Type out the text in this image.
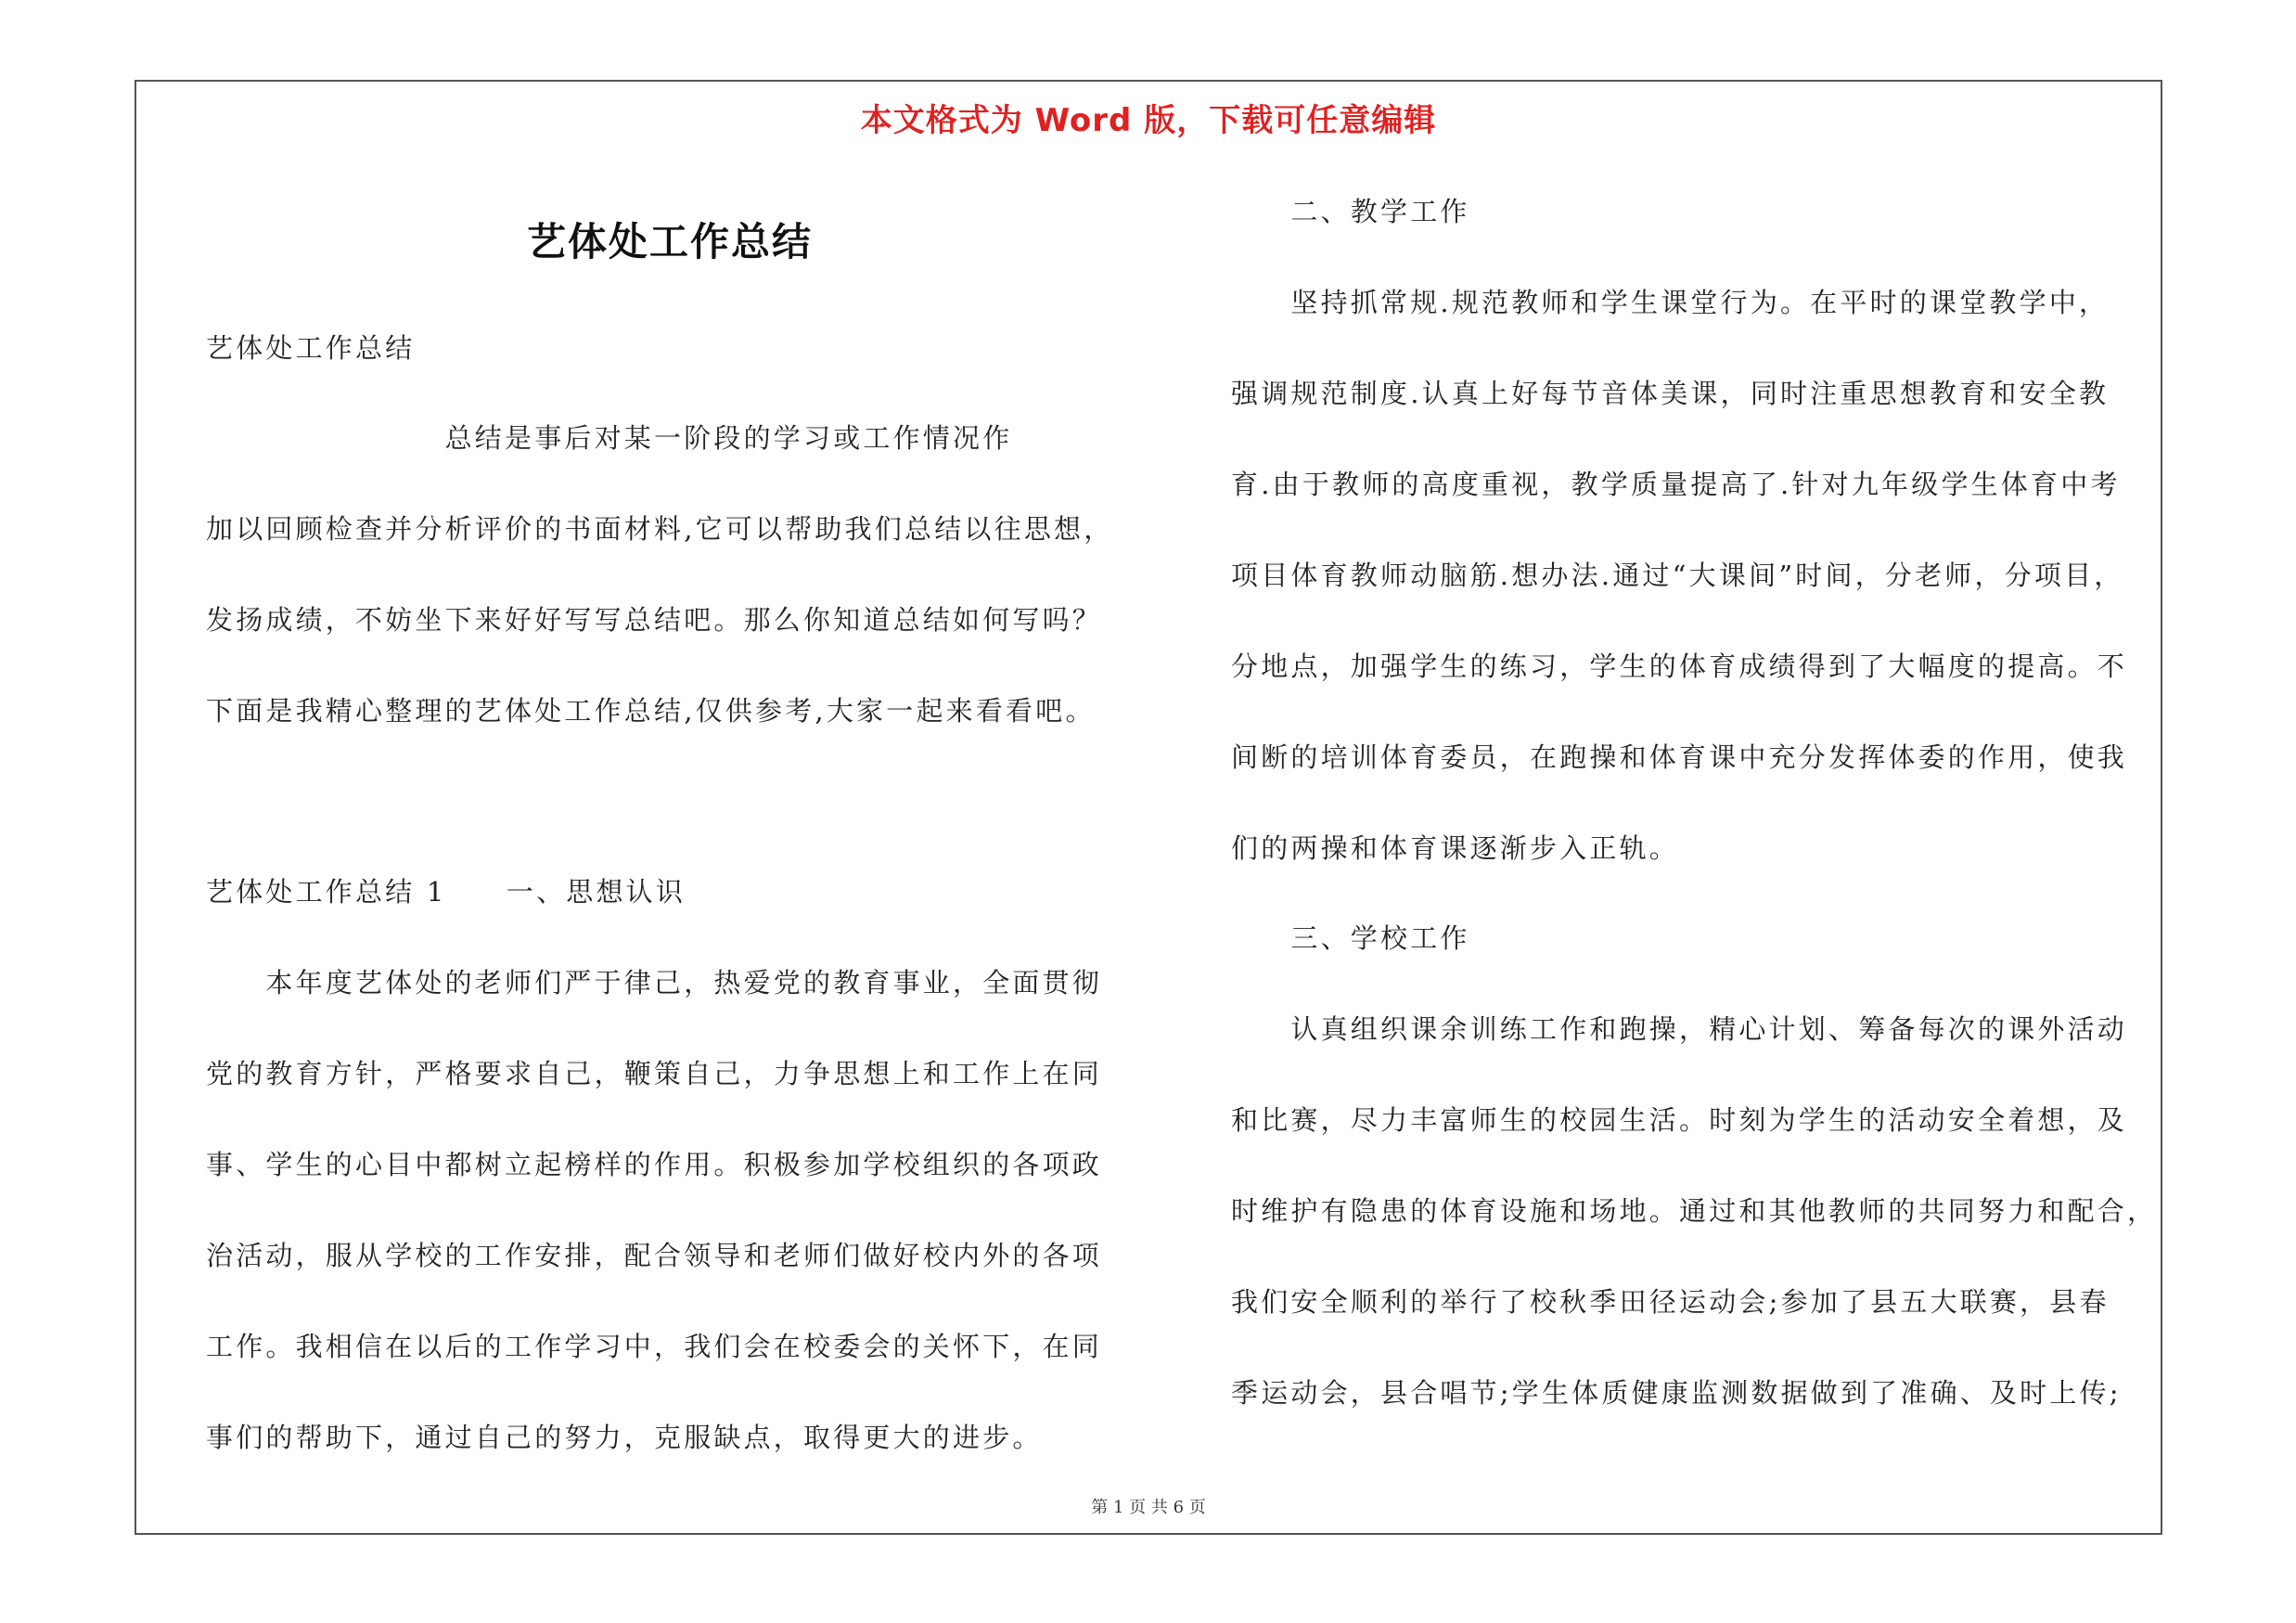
本文格式为 Word 版，下载可任意编辑
艺体处工作总结
艺体处工作总结
　　　　　　　　总结是事后对某一阶段的学习或工作情况作
加以回顾检查并分析评价的书面材料,它可以帮助我们总结以往思想，
发扬成绩，不妨坐下来好好写写总结吧。那么你知道总结如何写吗？
下面是我精心整理的艺体处工作总结,仅供参考,大家一起来看看吧。
艺体处工作总结 1　　一、思想认识
　　本年度艺体处的老师们严于律己，热爱党的教育事业，全面贯彻
党的教育方针，严格要求自己，鞭策自己，力争思想上和工作上在同
事、学生的心目中都树立起榜样的作用。积极参加学校组织的各项政
治活动，服从学校的工作安排，配合领导和老师们做好校内外的各项
工作。我相信在以后的工作学习中，我们会在校委会的关怀下，在同
事们的帮助下，通过自己的努力，克服缺点，取得更大的进步。
　　二、教学工作
　　坚持抓常规.规范教师和学生课堂行为。在平时的课堂教学中，
强调规范制度.认真上好每节音体美课，同时注重思想教育和安全教
育.由于教师的高度重视，教学质量提高了.针对九年级学生体育中考
项目体育教师动脑筋.想办法.通过“大课间”时间，分老师，分项目，
分地点，加强学生的练习，学生的体育成绩得到了大幅度的提高。不
间断的培训体育委员，在跑操和体育课中充分发挥体委的作用，使我
们的两操和体育课逐渐步入正轨。
　　三、学校工作
　　认真组织课余训练工作和跑操，精心计划、筹备每次的课外活动
和比赛，尽力丰富师生的校园生活。时刻为学生的活动安全着想，及
时维护有隐患的体育设施和场地。通过和其他教师的共同努力和配合，
我们安全顺利的举行了校秋季田径运动会;参加了县五大联赛，县春
季运动会，县合唱节;学生体质健康监测数据做到了准确、及时上传;
第 1 页 共 6 页
